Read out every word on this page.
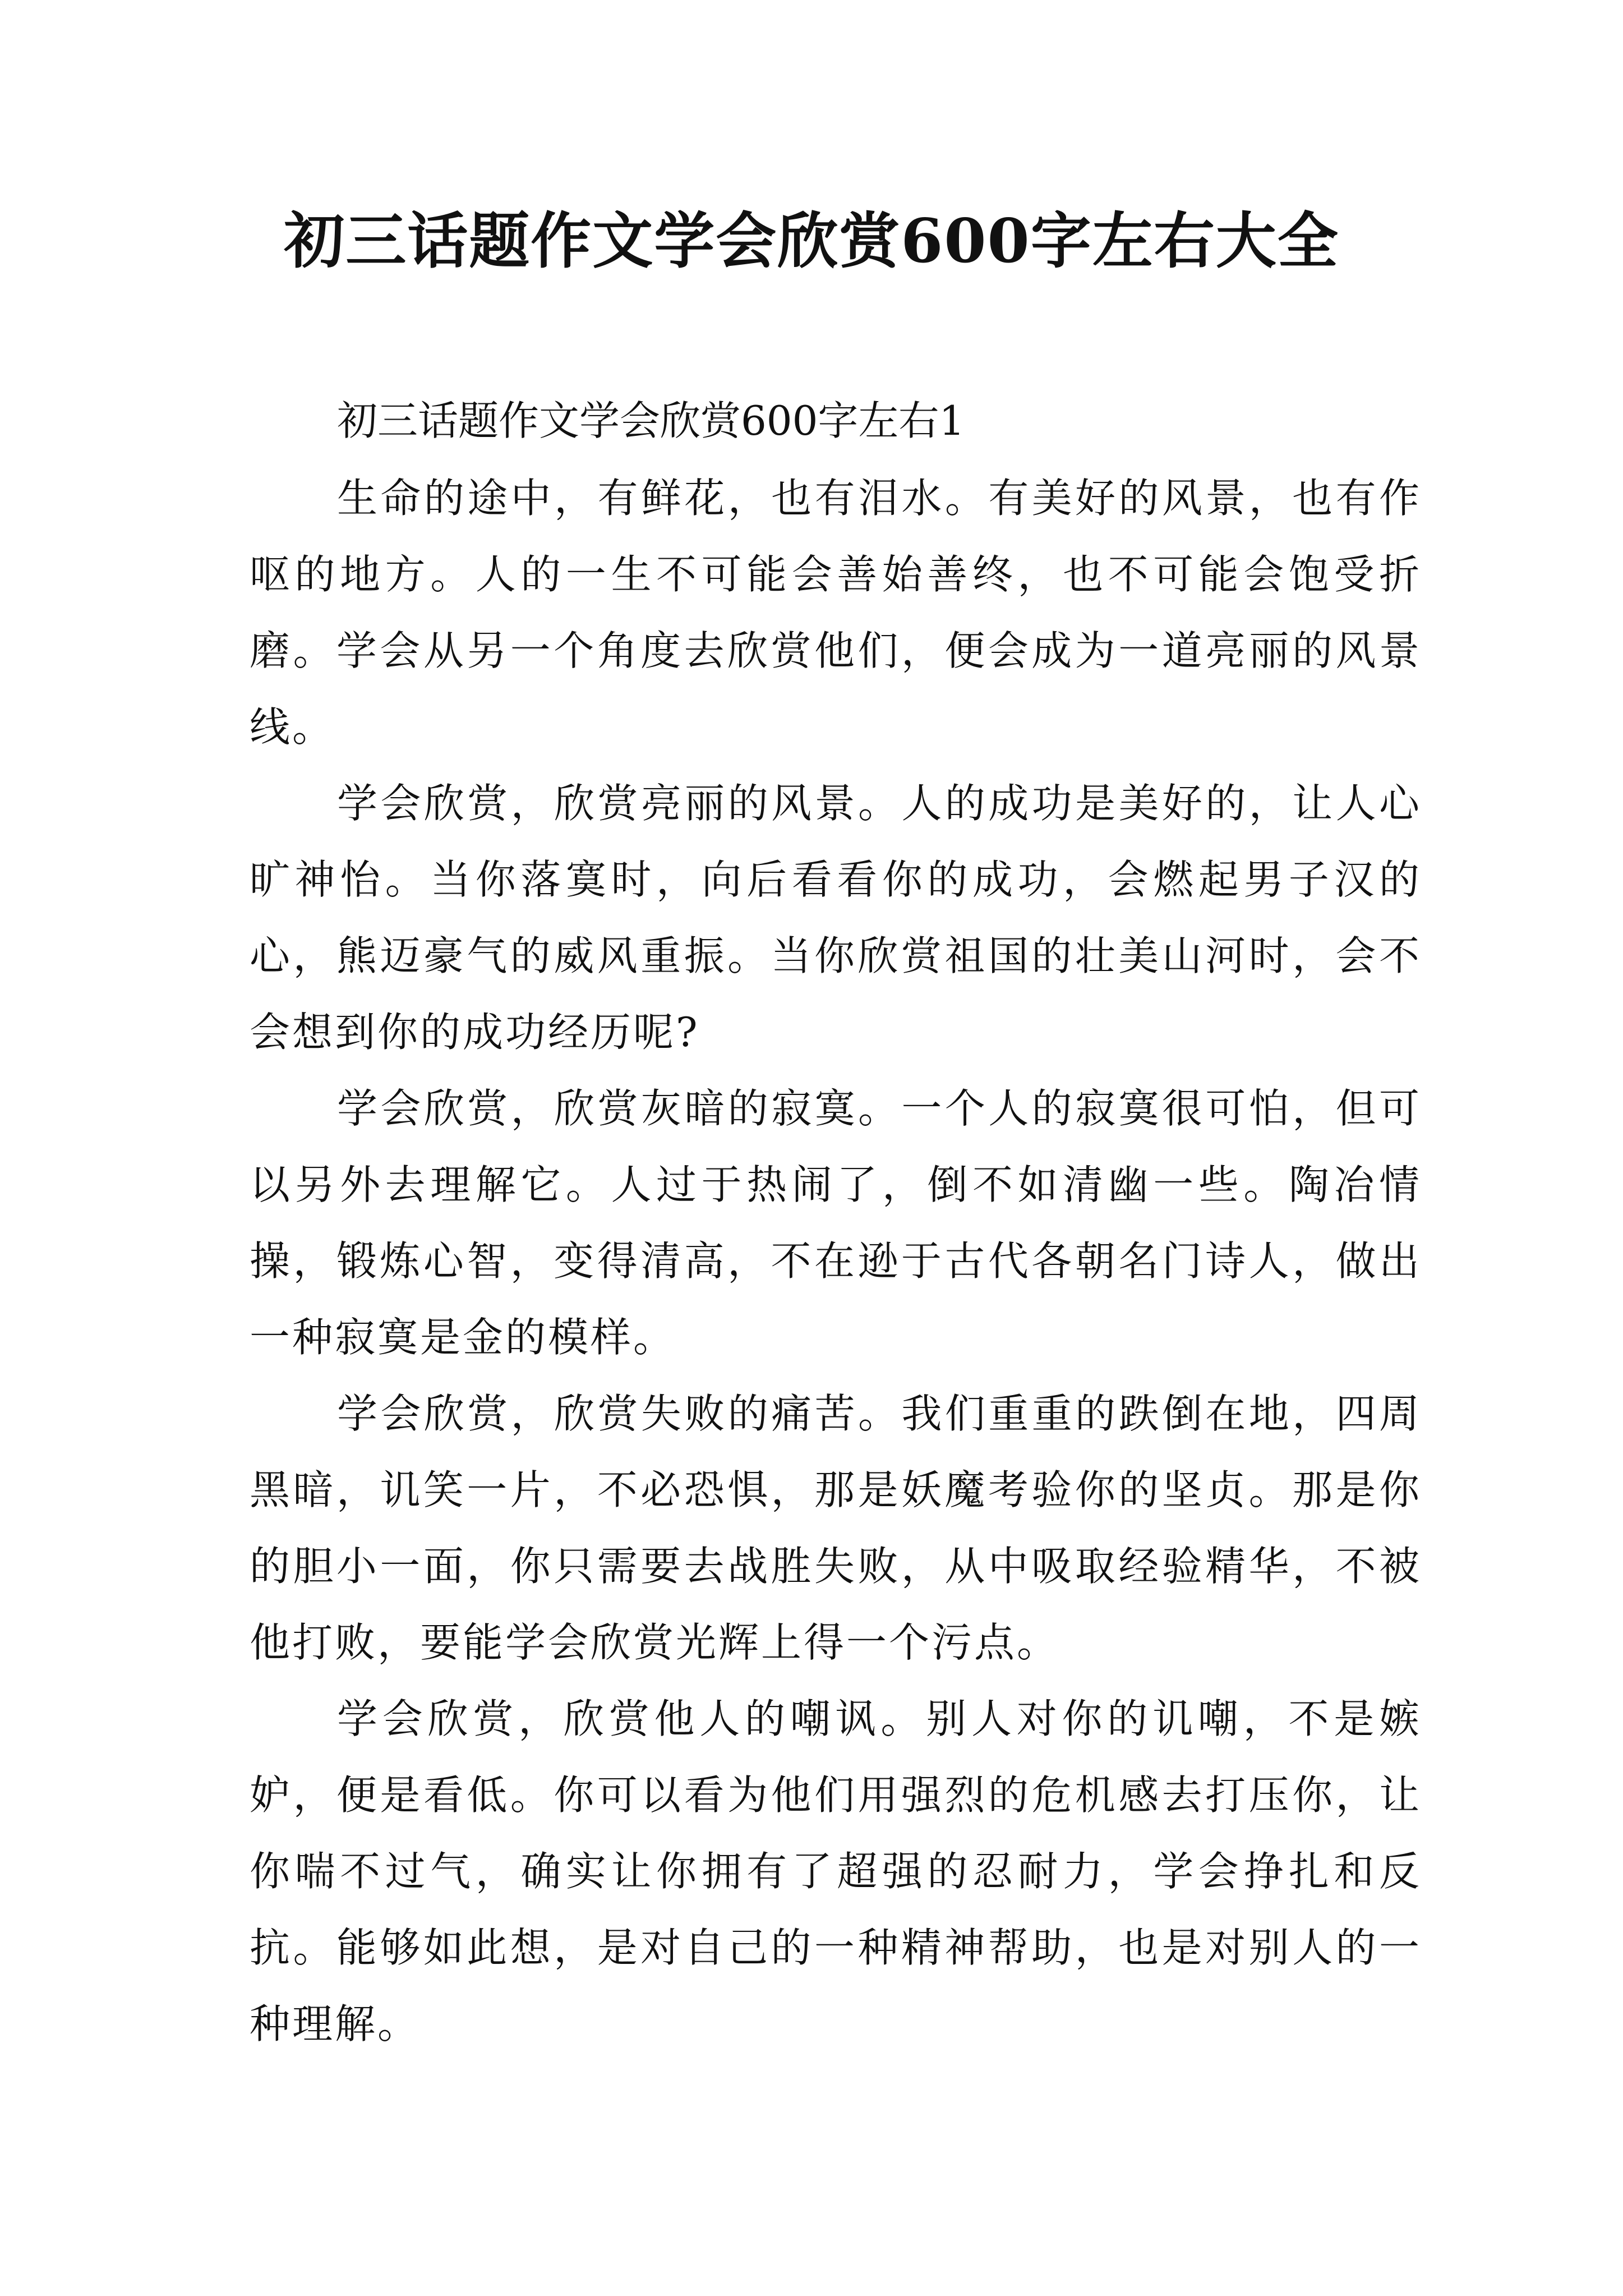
初三话题作文学会欣赏600字左右大全

初三话题作文学会欣赏600字左右1

生命的途中，有鲜花，也有泪水。有美好的风景，也有作呕的地方。人的一生不可能会善始善终，也不可能会饱受折磨。学会从另一个角度去欣赏他们，便会成为一道亮丽的风景线。

学会欣赏，欣赏亮丽的风景。人的成功是美好的，让人心旷神怡。当你落寞时，向后看看你的成功，会燃起男子汉的心，熊迈豪气的威风重振。当你欣赏祖国的壮美山河时，会不会想到你的成功经历呢?

学会欣赏，欣赏灰暗的寂寞。一个人的寂寞很可怕，但可以另外去理解它。人过于热闹了，倒不如清幽一些。陶冶情操，锻炼心智，变得清高，不在逊于古代各朝名门诗人，做出一种寂寞是金的模样。

学会欣赏，欣赏失败的痛苦。我们重重的跌倒在地，四周黑暗，讥笑一片，不必恐惧，那是妖魔考验你的坚贞。那是你的胆小一面，你只需要去战胜失败，从中吸取经验精华，不被他打败，要能学会欣赏光辉上得一个污点。

学会欣赏，欣赏他人的嘲讽。别人对你的讥嘲，不是嫉妒，便是看低。你可以看为他们用强烈的危机感去打压你，让你喘不过气，确实让你拥有了超强的忍耐力，学会挣扎和反抗。能够如此想，是对自己的一种精神帮助，也是对别人的一种理解。
